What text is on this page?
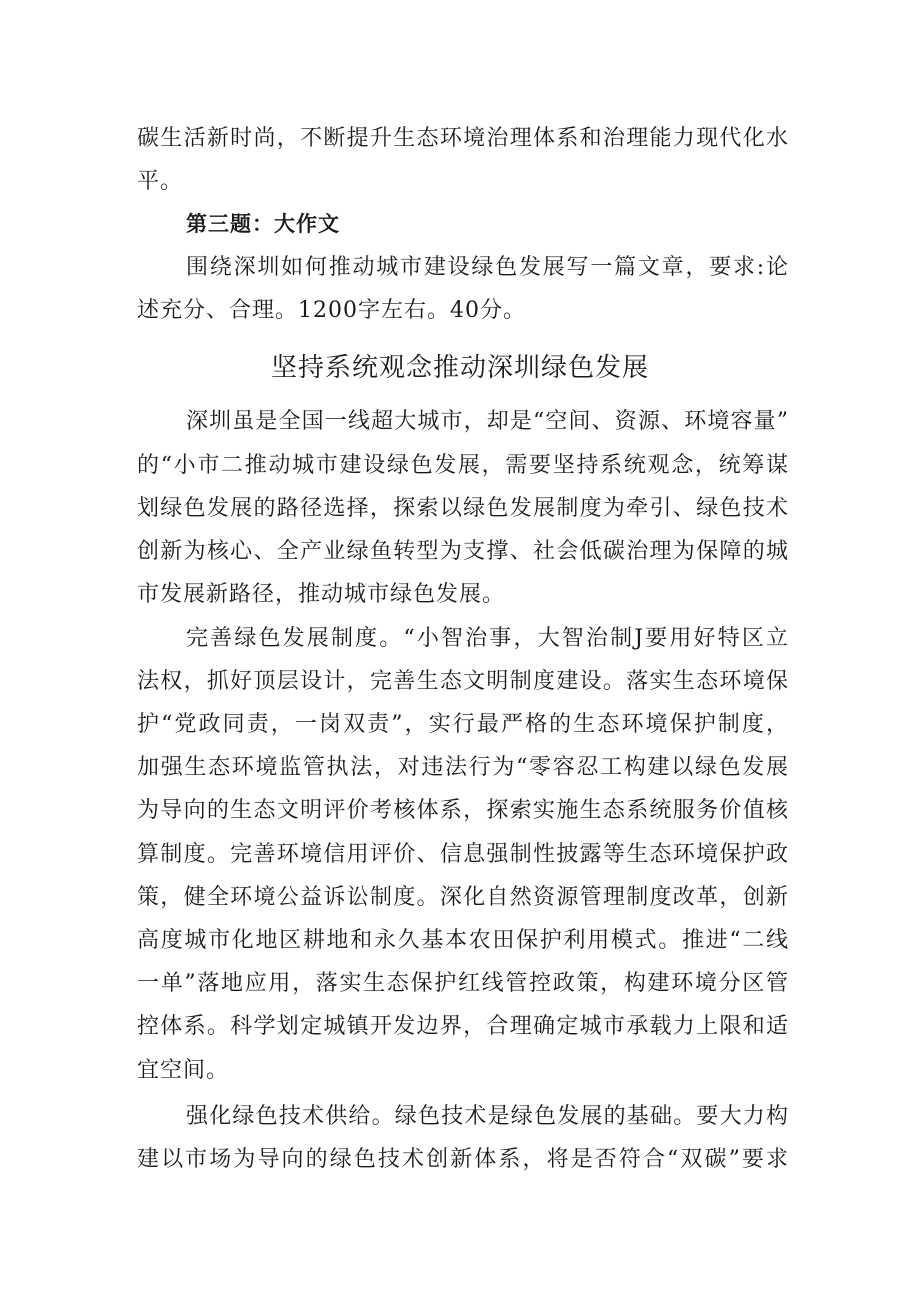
碳生活新时尚，不断提升生态环境治理体系和治理能力现代化水
平。
第三题：大作文
围绕深圳如何推动城市建设绿色发展写一篇文章，要求:论
述充分、合理。1200字左右。40分。
坚持系统观念推动深圳绿色发展
深圳虽是全国一线超大城市，却是“空间、资源、环境容量”
的“小市二推动城市建设绿色发展，需要坚持系统观念，统筹谋
划绿色发展的路径选择，探索以绿色发展制度为牵引、绿色技术
创新为核心、全产业绿鱼转型为支撑、社会低碳治理为保障的城
市发展新路径，推动城市绿色发展。
完善绿色发展制度。“小智治事，大智治制J要用好特区立
法权，抓好顶层设计，完善生态文明制度建设。落实生态环境保
护“党政同责，一岗双责”，实行最严格的生态环境保护制度，
加强生态环境监管执法，对违法行为“零容忍工构建以绿色发展
为导向的生态文明评价考核体系，探索实施生态系统服务价值核
算制度。完善环境信用评价、信息强制性披露等生态环境保护政
策，健全环境公益诉讼制度。深化自然资源管理制度改革，创新
高度城市化地区耕地和永久基本农田保护利用模式。推进“二线
一单”落地应用，落实生态保护红线管控政策，构建环境分区管
控体系。科学划定城镇开发边界，合理确定城市承载力上限和适
宜空间。
强化绿色技术供给。绿色技术是绿色发展的基础。要大力构
建以市场为导向的绿色技术创新体系，将是否符合“双碳”要求
